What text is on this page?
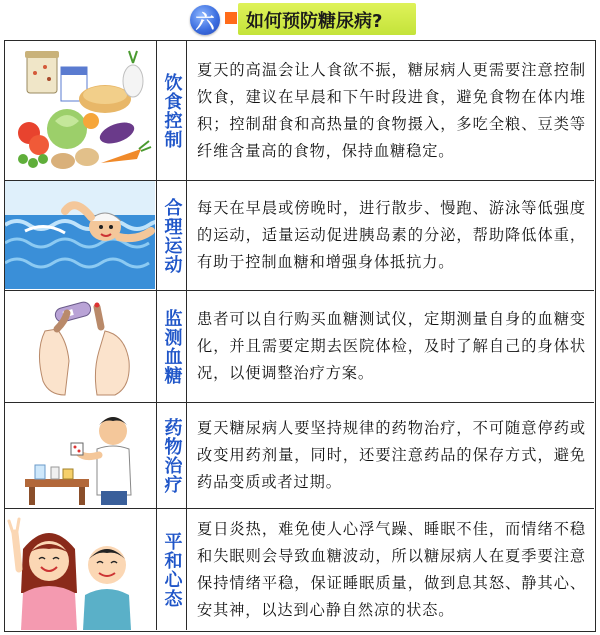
六 如何预防糖尿病?
饮食控制
夏天的高温会让人食欲不振，糖尿病人更需要注意控制饮食，建议在早晨和下午时段进食，避免食物在体内堆积；控制甜食和高热量的食物摄入，多吃全粮、豆类等纤维含量高的食物，保持血糖稳定。
合理运动 每天在早晨或傍晚时，进行散步、慢跑、游泳等低强度的运动，适量运动促进胰岛素的分泌，帮助降低体重，有助于控制血糖和增强身体抵抗力。
监测血糖 患者可以自行购买血糖测试仪，定期测量自身的血糖变化，并且需要定期去医院体检，及时了解自己的身体状况，以便调整治疗方案。
药物治疗 夏天糖尿病人要坚持规律的药物治疗，不可随意停药或改变用药剂量，同时，还要注意药品的保存方式，避免药品变质或者过期。
平和心态
夏日炎热，难免使人心浮气躁、睡眠不佳，而情绪不稳和失眠则会导致血糖波动，所以糖尿病人在夏季要注意保持情绪平稳，保证睡眠质量，做到息其怒、静其心、安其神，以达到心静自然凉的状态。
